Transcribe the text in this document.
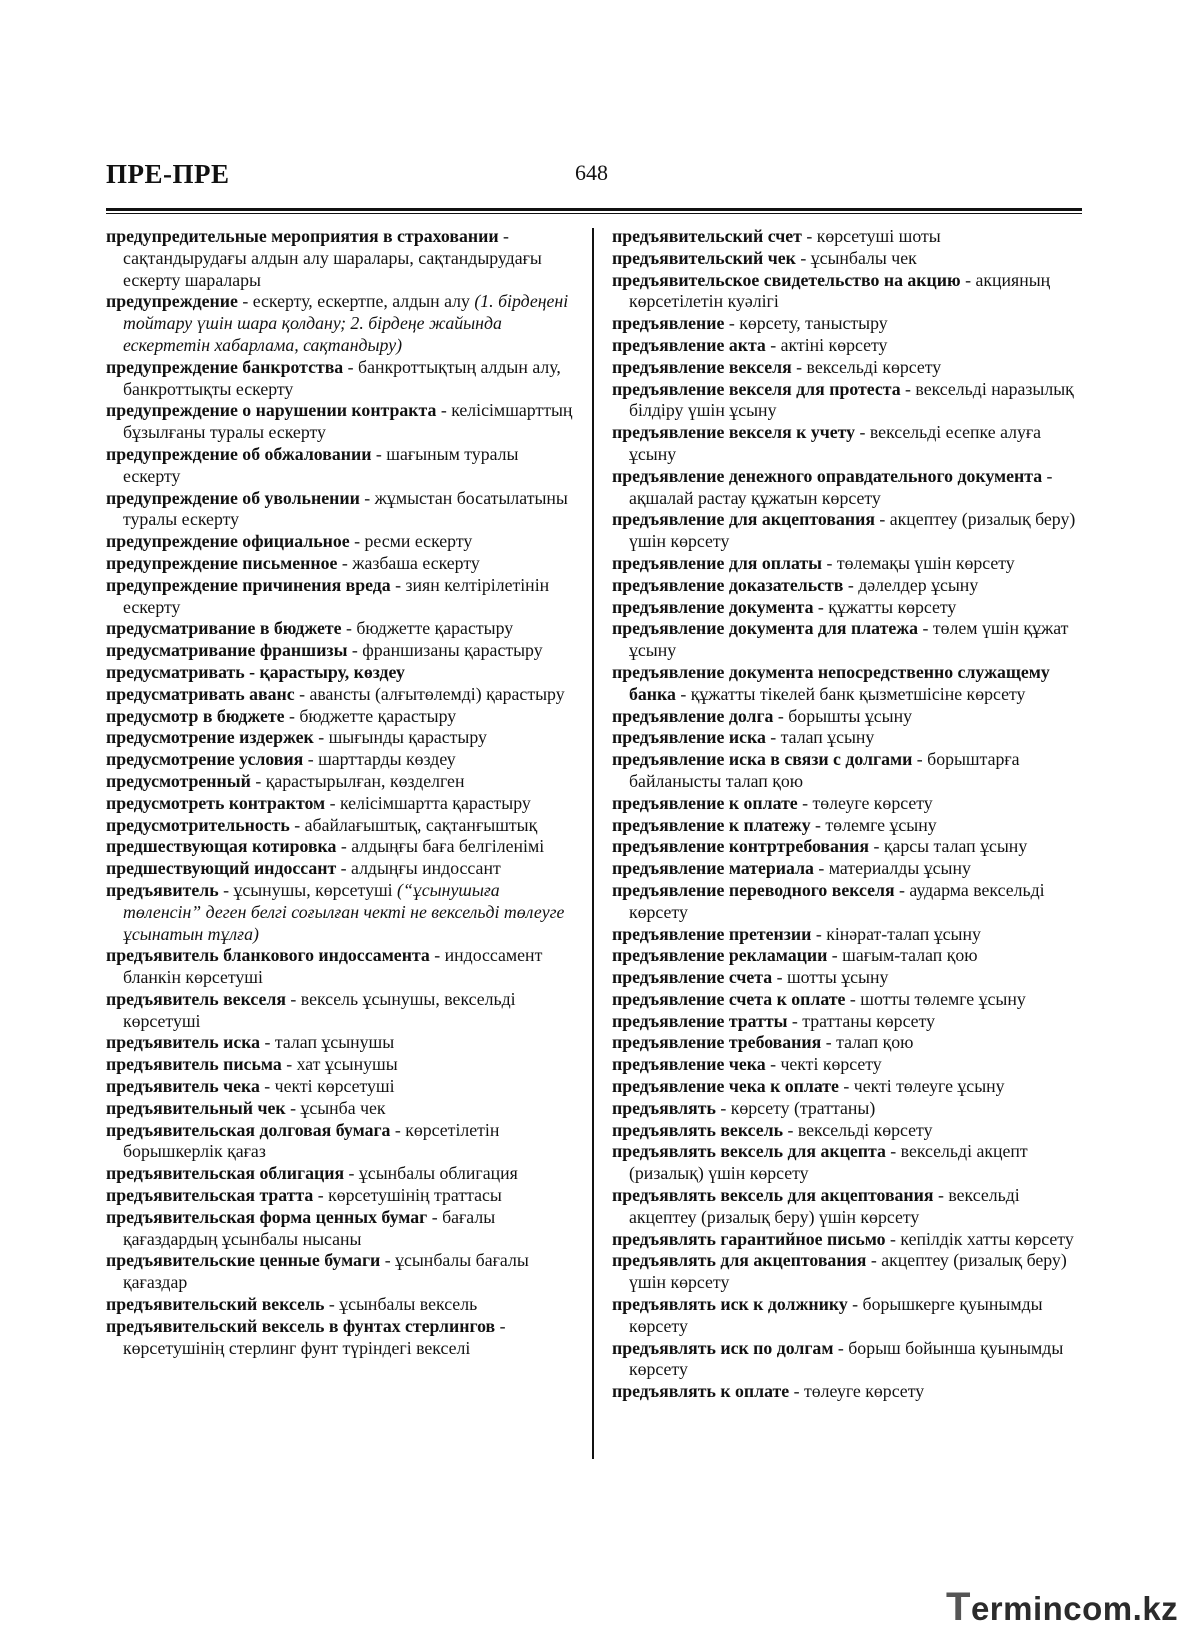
ПРЕ-ПРЕ	648

предупредительные мероприятия в страховании - сақтандырудағы алдын алу шаралары, сақтандырудағы ескерту шаралары

предупреждение - ескерту, ескертпе, алдын алу (1. бірдеңені тойтару үшін шара қолдану; 2. бірдеңе жайында ескертетін хабарлама, сақтандыру)

предупреждение банкротства - банкроттықтың алдын алу, банкроттықты ескерту

предупреждение о нарушении контракта - келісімшарттың бұзылғаны туралы ескерту

предупреждение об обжаловании - шағыным туралы ескерту

предупреждение об увольнении - жұмыстан босатылатыны туралы ескерту

предупреждение официальное - ресми ескерту

предупреждение письменное - жазбаша ескерту

предупреждение причинения вреда - зиян келтірілетінін ескерту

предусматривание в бюджете - бюджетте қарастыру

предусматривание франшизы - франшизаны қарастыру

предусматривать - қарастыру, көздеу

предусматривать аванс - авансты (алғытөлемді) қарастыру

предусмотр в бюджете - бюджетте қарастыру

предусмотрение издержек - шығынды қарастыру

предусмотрение условия - шарттарды көздеу

предусмотренный - қарастырылған, көзделген

предусмотреть контрактом - келісімшартта қарастыру

предусмотрительность - абайлағыштық, сақтанғыштық

предшествующая котировка - алдыңғы баға белгіленімі

предшествующий индоссант - алдыңғы индоссант

предъявитель - ұсынушы, көрсетуші (“ұсынушыға төленсін” деген белгі соғылған чекті не вексельді төлеуге ұсынатын тұлға)

предъявитель бланкового индоссамента - индоссамент бланкін көрсетуші

предъявитель векселя - вексель ұсынушы, вексельді көрсетуші

предъявитель иска - талап ұсынушы

предъявитель письма - хат ұсынушы

предъявитель чека - чекті көрсетуші

предъявительный чек - ұсынба чек

предъявительская долговая бумага - көрсетілетін борышкерлік қағаз

предъявительская облигация - ұсынбалы облигация

предъявительская тратта - көрсетушінің траттасы

предъявительская форма ценных бумаг - бағалы қағаздардың ұсынбалы нысаны

предъявительские ценные бумаги - ұсынбалы бағалы қағаздар

предъявительский вексель - ұсынбалы вексель

предъявительский вексель в фунтах стерлингов - көрсетушінің стерлинг фунт түріндегі векселі

предъявительский счет - көрсетуші шоты

предъявительский чек - ұсынбалы чек

предъявительское свидетельство на акцию - акцияның көрсетілетін куәлігі

предъявление - көрсету, таныстыру

предъявление акта - актіні көрсету

предъявление векселя - вексельді көрсету

предъявление векселя для протеста - вексельді наразылық білдіру үшін ұсыну

предъявление векселя к учету - вексельді есепке алуға ұсыну

предъявление денежного оправдательного документа - ақшалай растау құжатын көрсету

предъявление для акцептования - акцептеу (ризалық беру) үшін көрсету

предъявление для оплаты - төлемақы үшін көрсету

предъявление доказательств - дәлелдер ұсыну

предъявление документа - құжатты көрсету

предъявление документа для платежа - төлем үшін құжат ұсыну

предъявление документа непосредственно служащему банка - құжатты тікелей банк қызметшісіне көрсету

предъявление долга - борышты ұсыну

предъявление иска - талап ұсыну

предъявление иска в связи с долгами - борыштарға байланысты талап қою

предъявление к оплате - төлеуге көрсету

предъявление к платежу - төлемге ұсыну

предъявление контртребования - қарсы талап ұсыну

предъявление материала - материалды ұсыну

предъявление переводного векселя - аударма вексельді көрсету

предъявление претензии - кінәрат-талап ұсыну

предъявление рекламации - шағым-талап қою

предъявление счета - шотты ұсыну

предъявление счета к оплате - шотты төлемге ұсыну

предъявление тратты - траттаны көрсету

предъявление требования - талап қою

предъявление чека - чекті көрсету

предъявление чека к оплате - чекті төлеуге ұсыну

предъявлять - көрсету (траттаны)

предъявлять вексель - вексельді көрсету

предъявлять вексель для акцепта - вексельді акцепт (ризалық) үшін көрсету

предъявлять вексель для акцептования - вексельді акцептеу (ризалық беру) үшін көрсету

предъявлять гарантийное письмо - кепілдік хатты көрсету

предъявлять для акцептования - акцептеу (ризалық беру) үшін көрсету

предъявлять иск к должнику - борышкерге қуынымды көрсету

предъявлять иск по долгам - борыш бойынша қуынымды көрсету

предъявлять к оплате - төлеуге көрсету

Termincom.kz
